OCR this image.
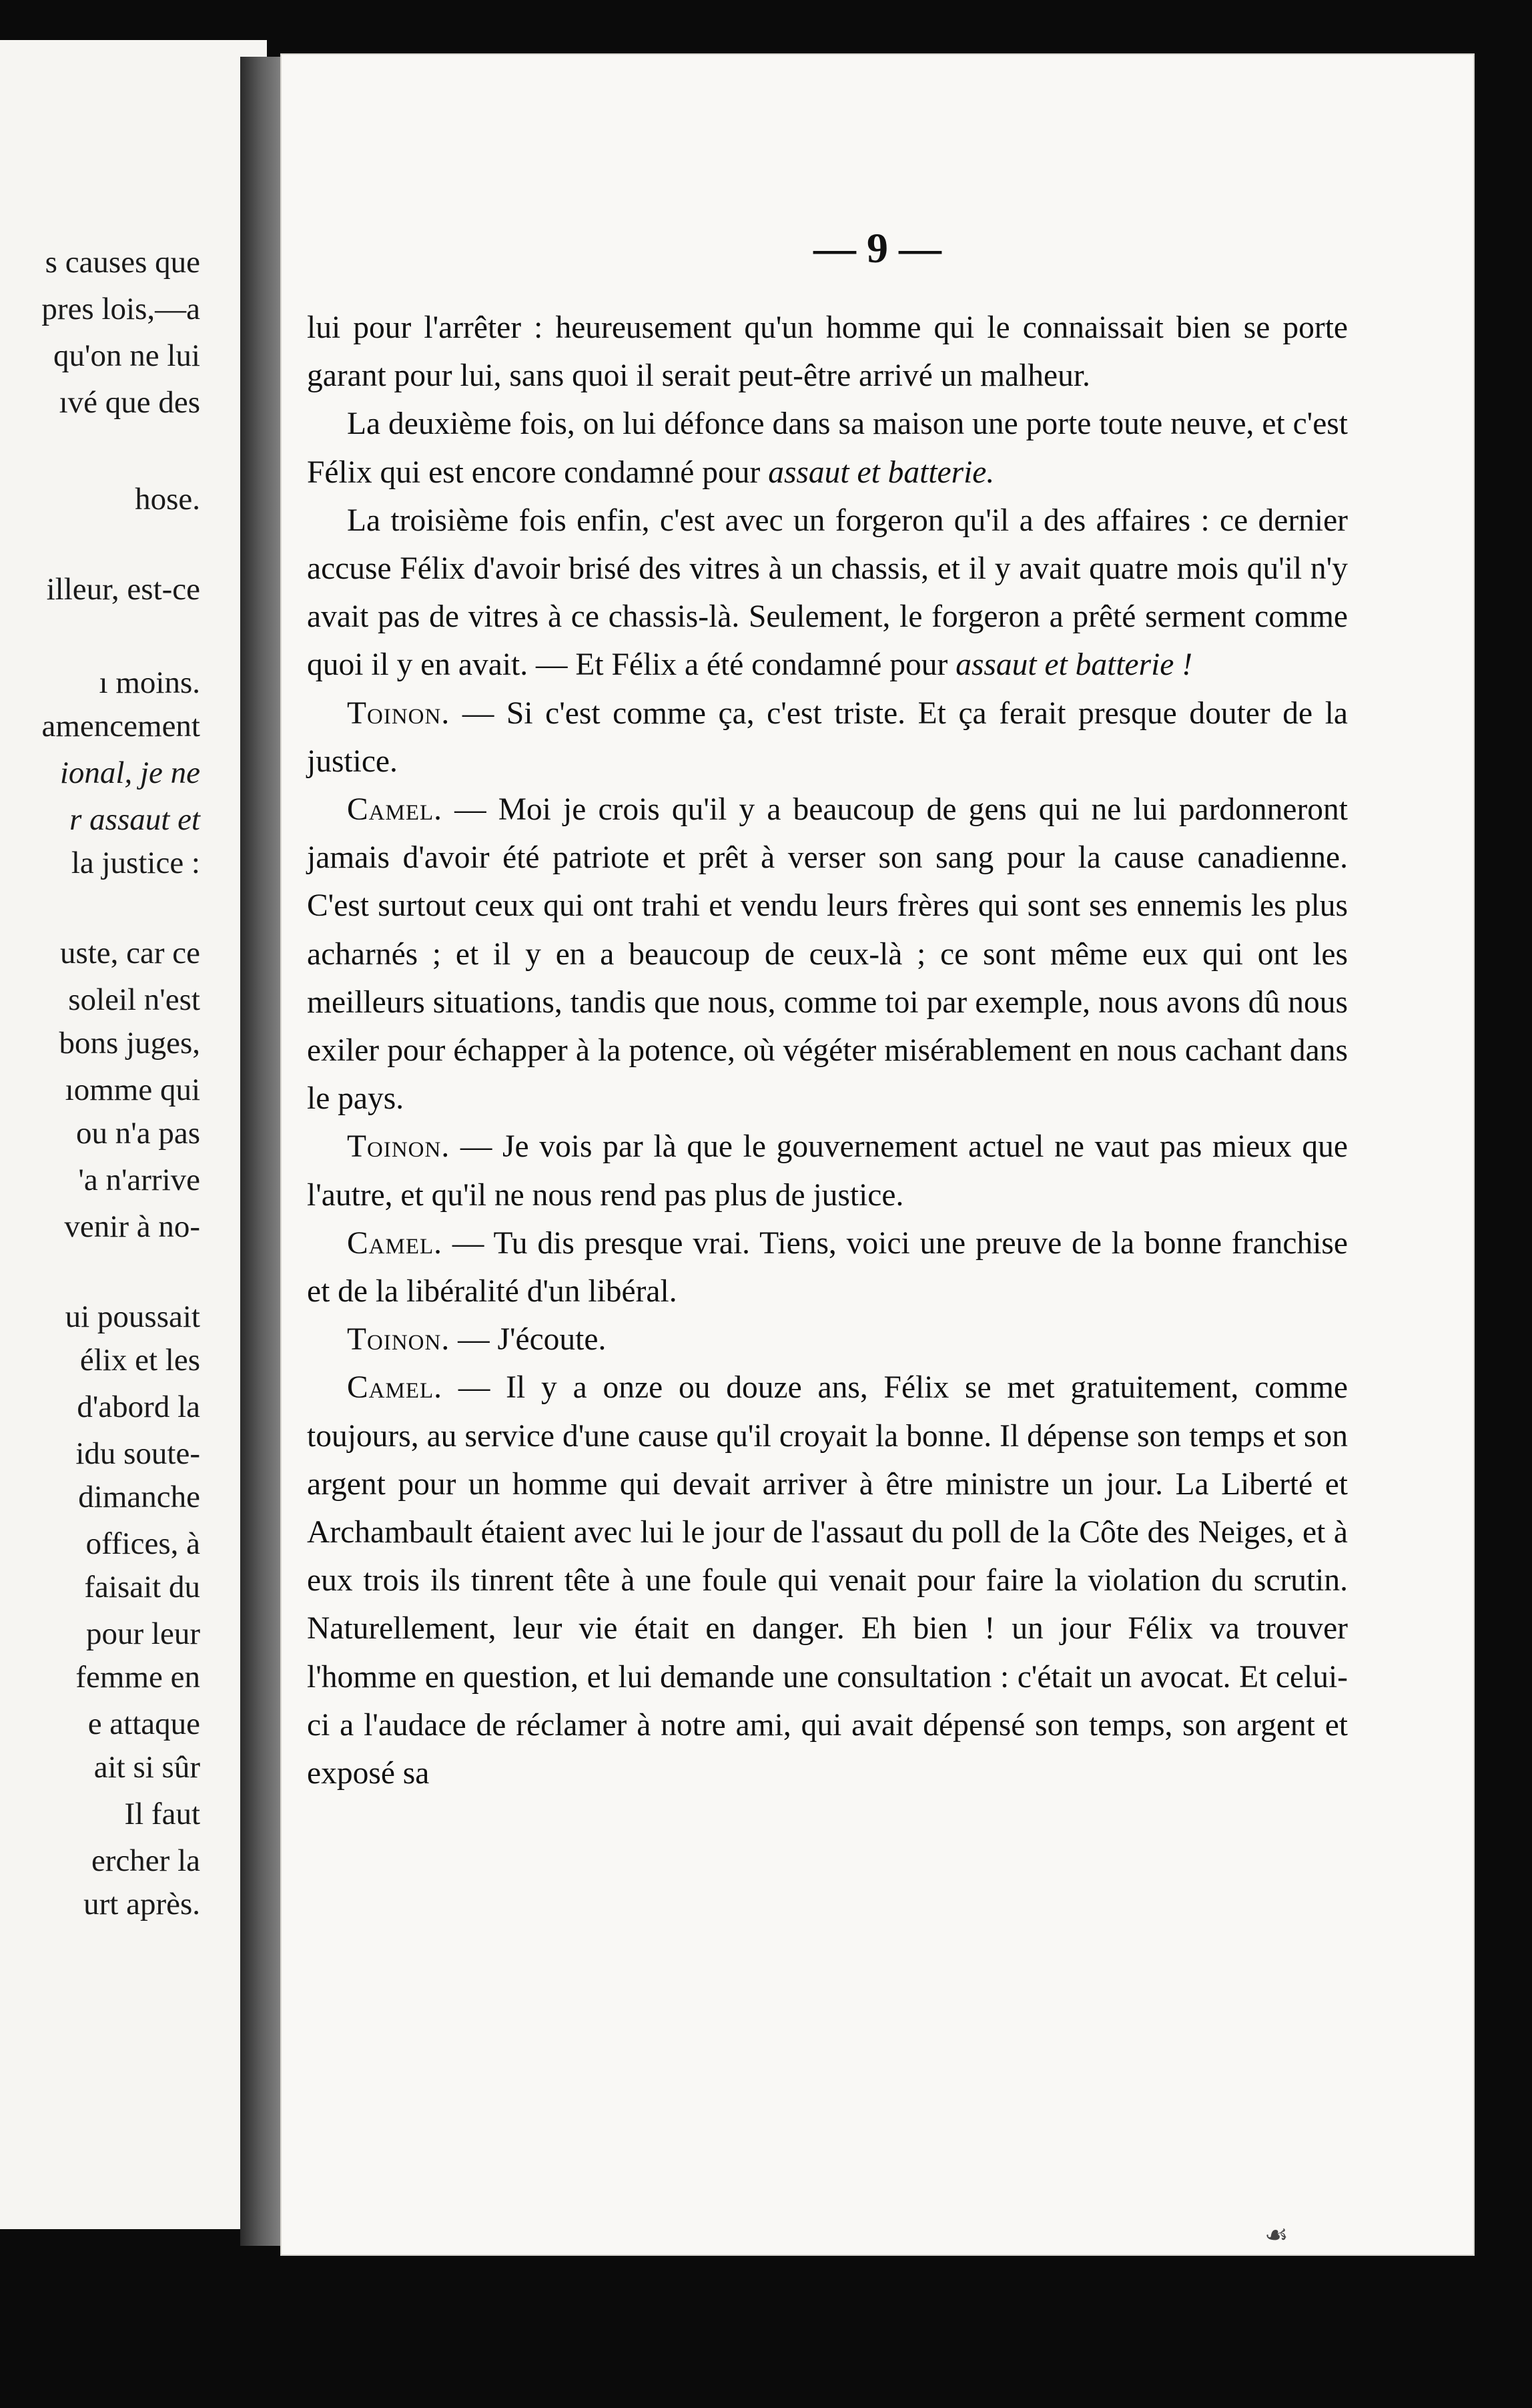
s causes que
pres lois,—a
qu'on ne lui
ıvé que des
hose.
illeur, est-ce
ı moins.
amencement
ional, je ne
r assaut et
la justice :
uste, car ce
soleil n'est
bons juges,
ıomme qui
ou n'a pas
'a n'arrive
venir à no-
ui poussait
élix et les
d'abord la
idu soute-
dimanche
offices, à
faisait du
pour leur
femme en
e attaque
ait si sûr
Il faut
ercher la
urt après.
— 9 —

lui pour l'arrêter : heureusement qu'un homme qui le connaissait bien se porte garant pour lui, sans quoi il serait peut-être arrivé un malheur.

La deuxième fois, on lui défonce dans sa maison une porte toute neuve, et c'est Félix qui est encore condamné pour assaut et batterie.

La troisième fois enfin, c'est avec un forgeron qu'il a des affaires : ce dernier accuse Félix d'avoir brisé des vitres à un chassis, et il y avait quatre mois qu'il n'y avait pas de vitres à ce chassis-là. Seulement, le forgeron a prêté serment comme quoi il y en avait. — Et Félix a été condamné pour assaut et batterie !

Toinon. — Si c'est comme ça, c'est triste. Et ça ferait presque douter de la justice.

Camel. — Moi je crois qu'il y a beaucoup de gens qui ne lui pardonneront jamais d'avoir été patriote et prêt à verser son sang pour la cause canadienne. C'est surtout ceux qui ont trahi et vendu leurs frères qui sont ses ennemis les plus acharnés ; et il y en a beaucoup de ceux-là ; ce sont même eux qui ont les meilleurs situations, tandis que nous, comme toi par exemple, nous avons dû nous exiler pour échapper à la potence, où végéter misérablement en nous cachant dans le pays.

Toinon. — Je vois par là que le gouvernement actuel ne vaut pas mieux que l'autre, et qu'il ne nous rend pas plus de justice.

Camel. — Tu dis presque vrai. Tiens, voici une preuve de la bonne franchise et de la libéralité d'un libéral.

Toinon. — J'écoute.

Camel. — Il y a onze ou douze ans, Félix se met gratuitement, comme toujours, au service d'une cause qu'il croyait la bonne. Il dépense son temps et son argent pour un homme qui devait arriver à être ministre un jour. La Liberté et Archambault étaient avec lui le jour de l'assaut du poll de la Côte des Neiges, et à eux trois ils tinrent tête à une foule qui venait pour faire la violation du scrutin. Naturellement, leur vie était en danger. Eh bien ! un jour Félix va trouver l'homme en question, et lui demande une consultation : c'était un avocat. Et celui-ci a l'audace de réclamer à notre ami, qui avait dépensé son temps, son argent et exposé sa

☙
